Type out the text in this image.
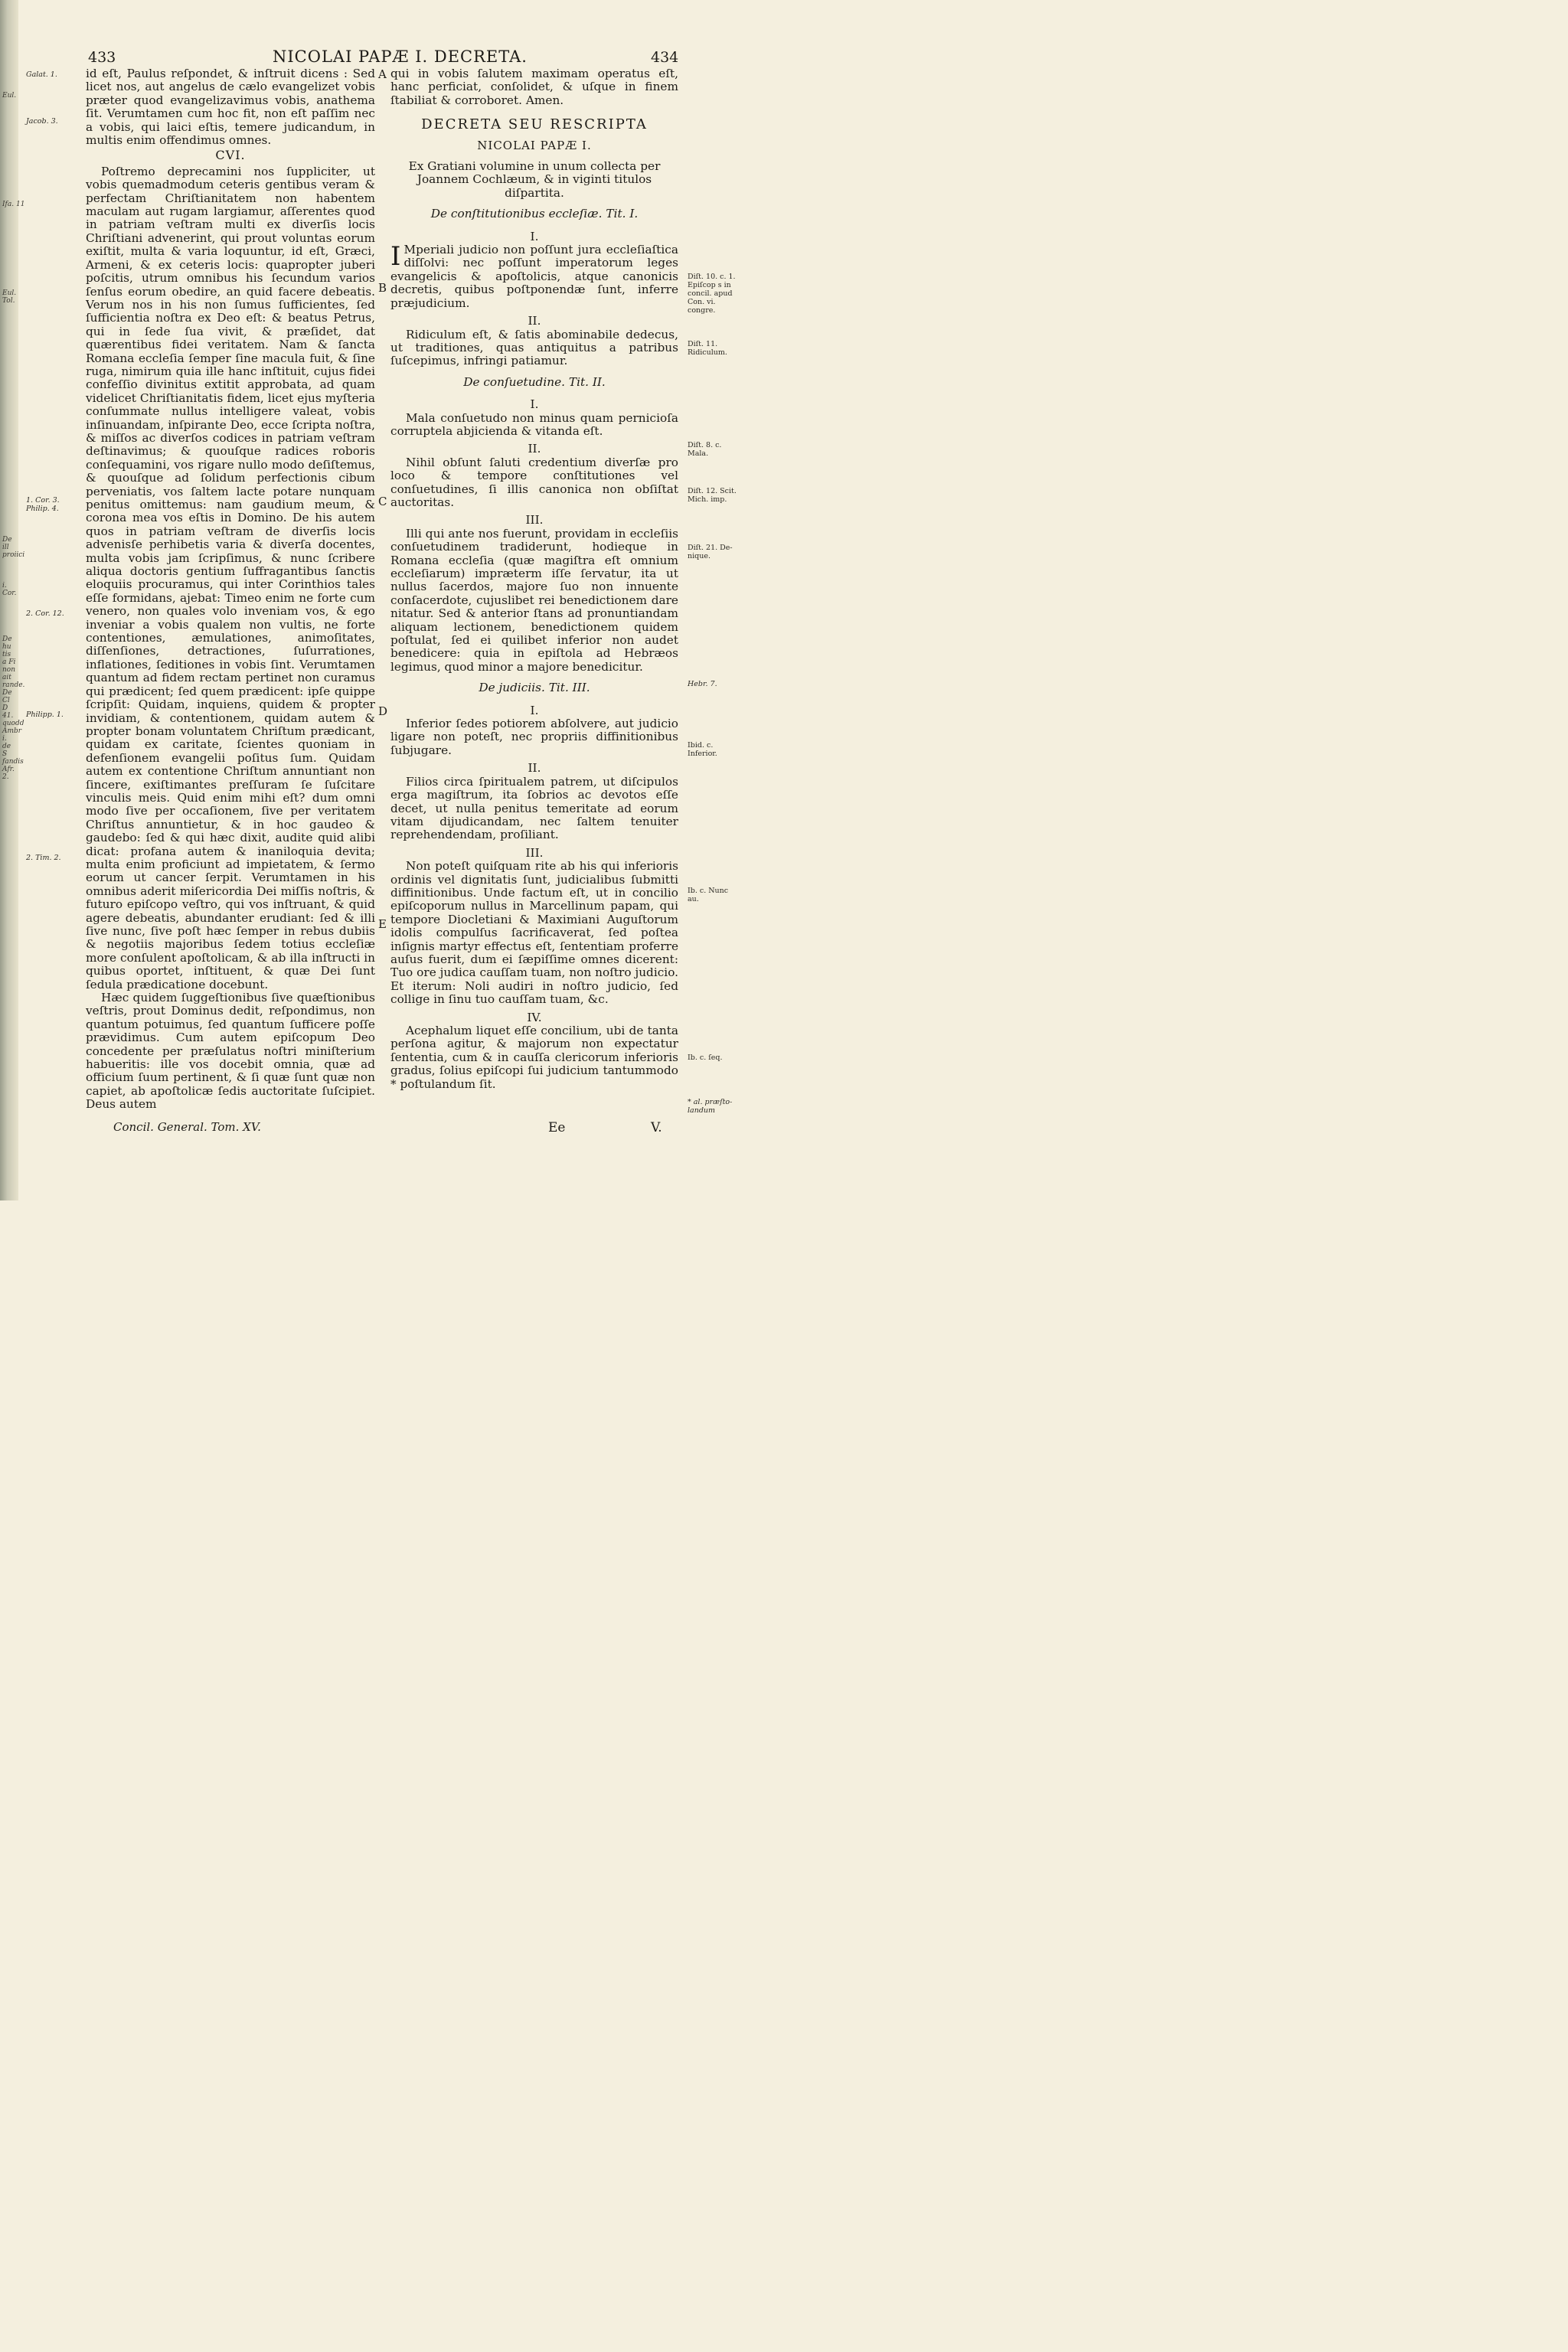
Eul.
Ifa. 11
Eul. Tol.
De ill proiici
i. Cor.
De hu tis a Fi non ait rande. De Cl D 41. quodd Ambr i. de S fandis Afr. 2.
433	NICOLAI PAPÆ I. DECRETA.	434
Galat. 1.
Jacob. 3.
1. Cor. 3. Philip. 4.
2. Cor. 12.
Philipp. 1.
2. Tim. 2.
A
B
C
D
E

id eſt, Paulus reſpondet, & inſtruit dicens : Sed licet nos, aut angelus de cælo evangelizet vobis præter quod evangelizavimus vobis, anathema ſit. Verumtamen cum hoc fit, non eſt paſſim nec a vobis, qui laici eſtis, temere judicandum, in multis enim offendimus omnes.

CVI.

Poſtremo deprecamini nos ſuppliciter, ut vobis quemadmodum ceteris gentibus veram & perfectam Chriſtianitatem non habentem maculam aut rugam largiamur, aſſerentes quod in patriam veſtram multi ex diverſis locis Chriſtiani advenerint, qui prout voluntas eorum exiſtit, multa & varia loquuntur, id eſt, Græci, Armeni, & ex ceteris locis: quapropter juberi poſcitis, utrum omnibus his ſecundum varios ſenſus eorum obedire, an quid facere debeatis. Verum nos in his non ſumus ſufficientes, ſed ſufficientia noſtra ex Deo eſt: & beatus Petrus, qui in ſede ſua vivit, & præſidet, dat quærentibus fidei veritatem. Nam & ſancta Romana eccleſia ſemper ſine macula fuit, & ſine ruga, nimirum quia ille hanc inſtituit, cujus fidei confeſſio divinitus extitit approbata, ad quam videlicet Chriſtianitatis fidem, licet ejus myſteria conſummate nullus intelligere valeat, vobis inſinuandam, inſpirante Deo, ecce ſcripta noſtra, & miſſos ac diverſos codices in patriam veſtram deſtinavimus; & quouſque radices roboris conſequamini, vos rigare nullo modo deſiſtemus, & quouſque ad ſolidum perfectionis cibum perveniatis, vos ſaltem lacte potare nunquam penitus omittemus: nam gaudium meum, & corona mea vos eſtis in Domino. De his autem quos in patriam veſtram de diverſis locis advenisſe perhibetis varia & diverſa docentes, multa vobis jam ſcripſimus, & nunc ſcribere aliqua doctoris gentium ſuffragantibus ſanctis eloquiis procuramus, qui inter Corinthios tales eſſe formidans, ajebat: Timeo enim ne forte cum venero, non quales volo inveniam vos, & ego inveniar a vobis qualem non vultis, ne forte contentiones, æmulationes, animoſitates, diſſenſiones, detractiones, ſuſurrationes, inflationes, ſeditiones in vobis ſint. Verumtamen quantum ad fidem rectam pertinet non curamus qui prædicent; ſed quem prædicent: ipſe quippe ſcripſit: Quidam, inquiens, quidem & propter invidiam, & contentionem, quidam autem & propter bonam voluntatem Chriſtum prædicant, quidam ex caritate, ſcientes quoniam in defenſionem evangelii poſitus ſum. Quidam autem ex contentione Chriſtum annuntiant non ſincere, exiſtimantes preſſuram ſe ſuſcitare vinculis meis. Quid enim mihi eſt? dum omni modo ſive per occaſionem, ſive per veritatem Chriſtus annuntietur, & in hoc gaudeo & gaudebo: ſed & qui hæc dixit, audite quid alibi dicat: profana autem & inaniloquia devita; multa enim proficiunt ad impietatem, & ſermo eorum ut cancer ſerpit. Verumtamen in his omnibus aderit miſericordia Dei miſſis noſtris, & futuro epiſcopo veſtro, qui vos inſtruant, & quid agere debeatis, abundanter erudiant: ſed & illi ſive nunc, ſive poſt hæc ſemper in rebus dubiis & negotiis majoribus ſedem totius eccleſiæ more conſulent apoſtolicam, & ab illa inſtructi in quibus oportet, inſtituent, & quæ Dei ſunt ſedula prædicatione docebunt.

Hæc quidem ſuggeſtionibus ſive quæſtionibus veſtris, prout Dominus dedit, reſpondimus, non quantum potuimus, ſed quantum ſufficere poſſe prævidimus. Cum autem epiſcopum Deo concedente per præſulatus noſtri miniſterium habueritis: ille vos docebit omnia, quæ ad officium ſuum pertinent, & ſi quæ ſunt quæ non capiet, ab apoſtolicæ ſedis auctoritate ſuſcipiet. Deus autem

qui in vobis ſalutem maximam operatus eſt, hanc perficiat, conſolidet, & uſque in finem ſtabiliat & corroboret. Amen.

DECRETA SEU RESCRIPTA
NICOLAI PAPÆ I.

Ex Gratiani volumine in unum collecta per Joannem Cochlæum, & in viginti titulos diſpartita.

De conſtitutionibus eccleſiæ. Tit. I.
I.

I Mperiali judicio non poſſunt jura eccleſiaſtica diſſolvi: nec poſſunt imperatorum leges evangelicis & apoſtolicis, atque canonicis decretis, quibus poſtponendæ ſunt, inferre præjudicium.

II.

Ridiculum eſt, & ſatis abominabile dedecus, ut traditiones, quas antiquitus a patribus ſuſcepimus, infringi patiamur.

De conſuetudine. Tit. II.
I.

Mala conſuetudo non minus quam pernicioſa corruptela abjicienda & vitanda eſt.

II.

Nihil obſunt ſaluti credentium diverſæ pro loco & tempore conſtitutiones vel conſuetudines, ſi illis canonica non obſiſtat auctoritas.

III.

Illi qui ante nos fuerunt, providam in eccleſiis conſuetudinem tradiderunt, hodieque in Romana eccleſia (quæ magiſtra eſt omnium eccleſiarum) impræterm iſſe ſervatur, ita ut nullus ſacerdos, majore ſuo non innuente conſacerdote, cujuslibet rei benedictionem dare nitatur. Sed & anterior ſtans ad pronuntiandam aliquam lectionem, benedictionem quidem poſtulat, ſed ei quilibet inferior non audet benedicere: quia in epiſtola ad Hebræos legimus, quod minor a majore benedicitur.

De judiciis. Tit. III.
I.

Inferior ſedes potiorem abſolvere, aut judicio ligare non poteſt, nec propriis diffinitionibus ſubjugare.

II.

Filios circa ſpiritualem patrem, ut diſcipulos erga magiſtrum, ita ſobrios ac devotos eſſe decet, ut nulla penitus temeritate ad eorum vitam dijudicandam, nec ſaltem tenuiter reprehendendam, proſiliant.

III.

Non poteſt quiſquam rite ab his qui inferioris ordinis vel dignitatis ſunt, judicialibus ſubmitti diffinitionibus. Unde factum eſt, ut in concilio epiſcoporum nullus in Marcellinum papam, qui tempore Diocletiani & Maximiani Auguſtorum idolis compulſus ſacrificaverat, ſed poſtea inſignis martyr effectus eſt, ſententiam proferre auſus fuerit, dum ei ſæpiſſime omnes dicerent: Tuo ore judica cauſſam tuam, non noſtro judicio. Et iterum: Noli audiri in noſtro judicio, ſed collige in ſinu tuo cauſſam tuam, &c.

IV.

Acephalum liquet eſſe concilium, ubi de tanta perſona agitur, & majorum non expectatur ſententia, cum & in cauſſa clericorum inferioris gradus, ſolius epiſcopi ſui judicium tantummodo * poſtulandum ſit.

Diſt. 10. c. 1. Epiſcop s in concil. apud Con. vi. congre.
Diſt. 11. Ridiculum.
Diſt. 8. c. Mala.
Diſt. 12. Scit. Mich. imp.
Diſt. 21. De-nique.
Hebr. 7.
Ibid. c. Inferior.
Ib. c. Nunc au.
Ib. c. ſeq.
* al. præſto-landum
Concil. General. Tom. XV.	Ee	V.
